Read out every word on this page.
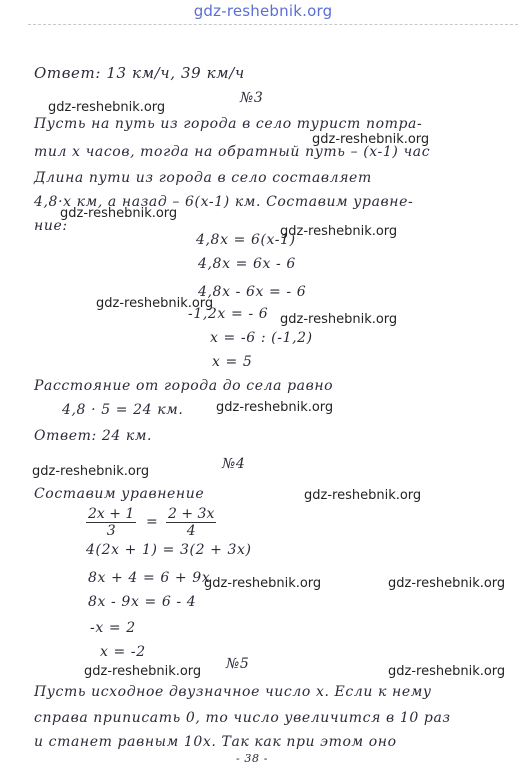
gdz-reshebnik.org
Ответ: 13 км/ч, 39 км/ч
№3
Пусть на путь из города в село турист потра-
тил x часов, тогда на обратный путь – (x-1) час
Длина пути из города в село составляет
4,8·x км, а назад – 6(x-1) км. Составим уравне-
ние:
4,8x = 6(x-1)
4,8x = 6x - 6
4,8x - 6x = - 6
-1,2x = - 6
x = -6 : (-1,2)
x = 5
Расстояние от города до села равно
4,8 · 5 = 24 км.
Ответ: 24 км.
№4
Составим уравнение
$\frac{2x + 1}{3} = \frac{2 + 3x}{4}$
4(2x + 1) = 3(2 + 3x)
8x + 4 = 6 + 9x
8x - 9x = 6 - 4
-x = 2
x = -2
№5
Пусть исходное двузначное число x. Если к нему
справа приписать 0, то число увеличится в 10 раз
и станет равным 10x. Так как при этом оно
- 38 -
gdz-reshebnik.org
gdz-reshebnik.org
gdz-reshebnik.org
gdz-reshebnik.org
gdz-reshebnik.org
gdz-reshebnik.org
gdz-reshebnik.org
gdz-reshebnik.org
gdz-reshebnik.org
gdz-reshebnik.org	gdz-reshebnik.org
gdz-reshebnik.org	gdz-reshebnik.org
